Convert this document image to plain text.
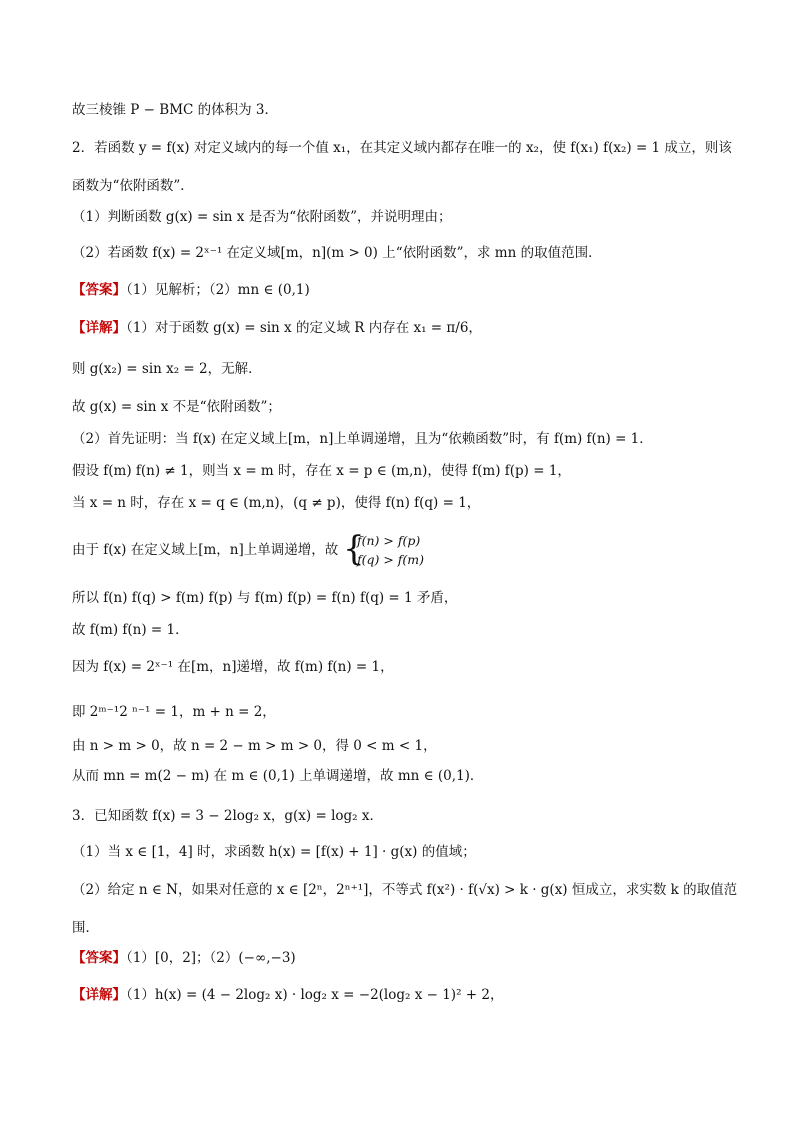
故三棱锥 P − BMC 的体积为 3．
2．若函数 y = f(x) 对定义域内的每一个值 x₁，在其定义域内都存在唯一的 x₂，使 f(x₁) f(x₂) = 1 成立，则该
函数为“依附函数”．
（1）判断函数 g(x) = sin x 是否为“依附函数”，并说明理由；
（2）若函数 f(x) = 2ˣ⁻¹ 在定义域[m，n](m > 0) 上“依附函数”，求 mn 的取值范围．
【答案】（1）见解析；（2）mn ∈ (0,1)
【详解】（1）对于函数 g(x) = sin x 的定义域 R 内存在 x₁ = π/6，
则 g(x₂) = sin x₂ = 2，无解．
故 g(x) = sin x 不是“依附函数”；
（2）首先证明：当 f(x) 在定义域上[m，n]上单调递增，且为“依赖函数”时，有 f(m) f(n) = 1．
假设 f(m) f(n) ≠ 1，则当 x = m 时，存在 x = p ∈ (m,n)，使得 f(m) f(p) = 1，
当 x = n 时，存在 x = q ∈ (m,n)，(q ≠ p)，使得 f(n) f(q) = 1，
由于 f(x) 在定义域上[m，n]上单调递增，故 {
f(n) > f(p)
f(q) > f(m)
所以 f(n) f(q) > f(m) f(p) 与 f(m) f(p) = f(n) f(q) = 1 矛盾，
故 f(m) f(n) = 1．
因为 f(x) = 2ˣ⁻¹ 在[m，n]递增，故 f(m) f(n) = 1，
即 2ᵐ⁻¹2 ⁿ⁻¹ = 1，m + n = 2，
由 n > m > 0，故 n = 2 − m > m > 0，得 0 < m < 1，
从而 mn = m(2 − m) 在 m ∈ (0,1) 上单调递增，故 mn ∈ (0,1)．
3．已知函数 f(x) = 3 − 2log₂ x，g(x) = log₂ x．
（1）当 x ∈ [1，4] 时，求函数 h(x) = [f(x) + 1] · g(x) 的值域；
（2）给定 n ∈ N，如果对任意的 x ∈ [2ⁿ，2ⁿ⁺¹]，不等式 f(x²) · f(√x) > k · g(x) 恒成立，求实数 k 的取值范
围．
【答案】（1）[0，2]；（2）(−∞,−3)
【详解】（1）h(x) = (4 − 2log₂ x) · log₂ x = −2(log₂ x − 1)² + 2，
